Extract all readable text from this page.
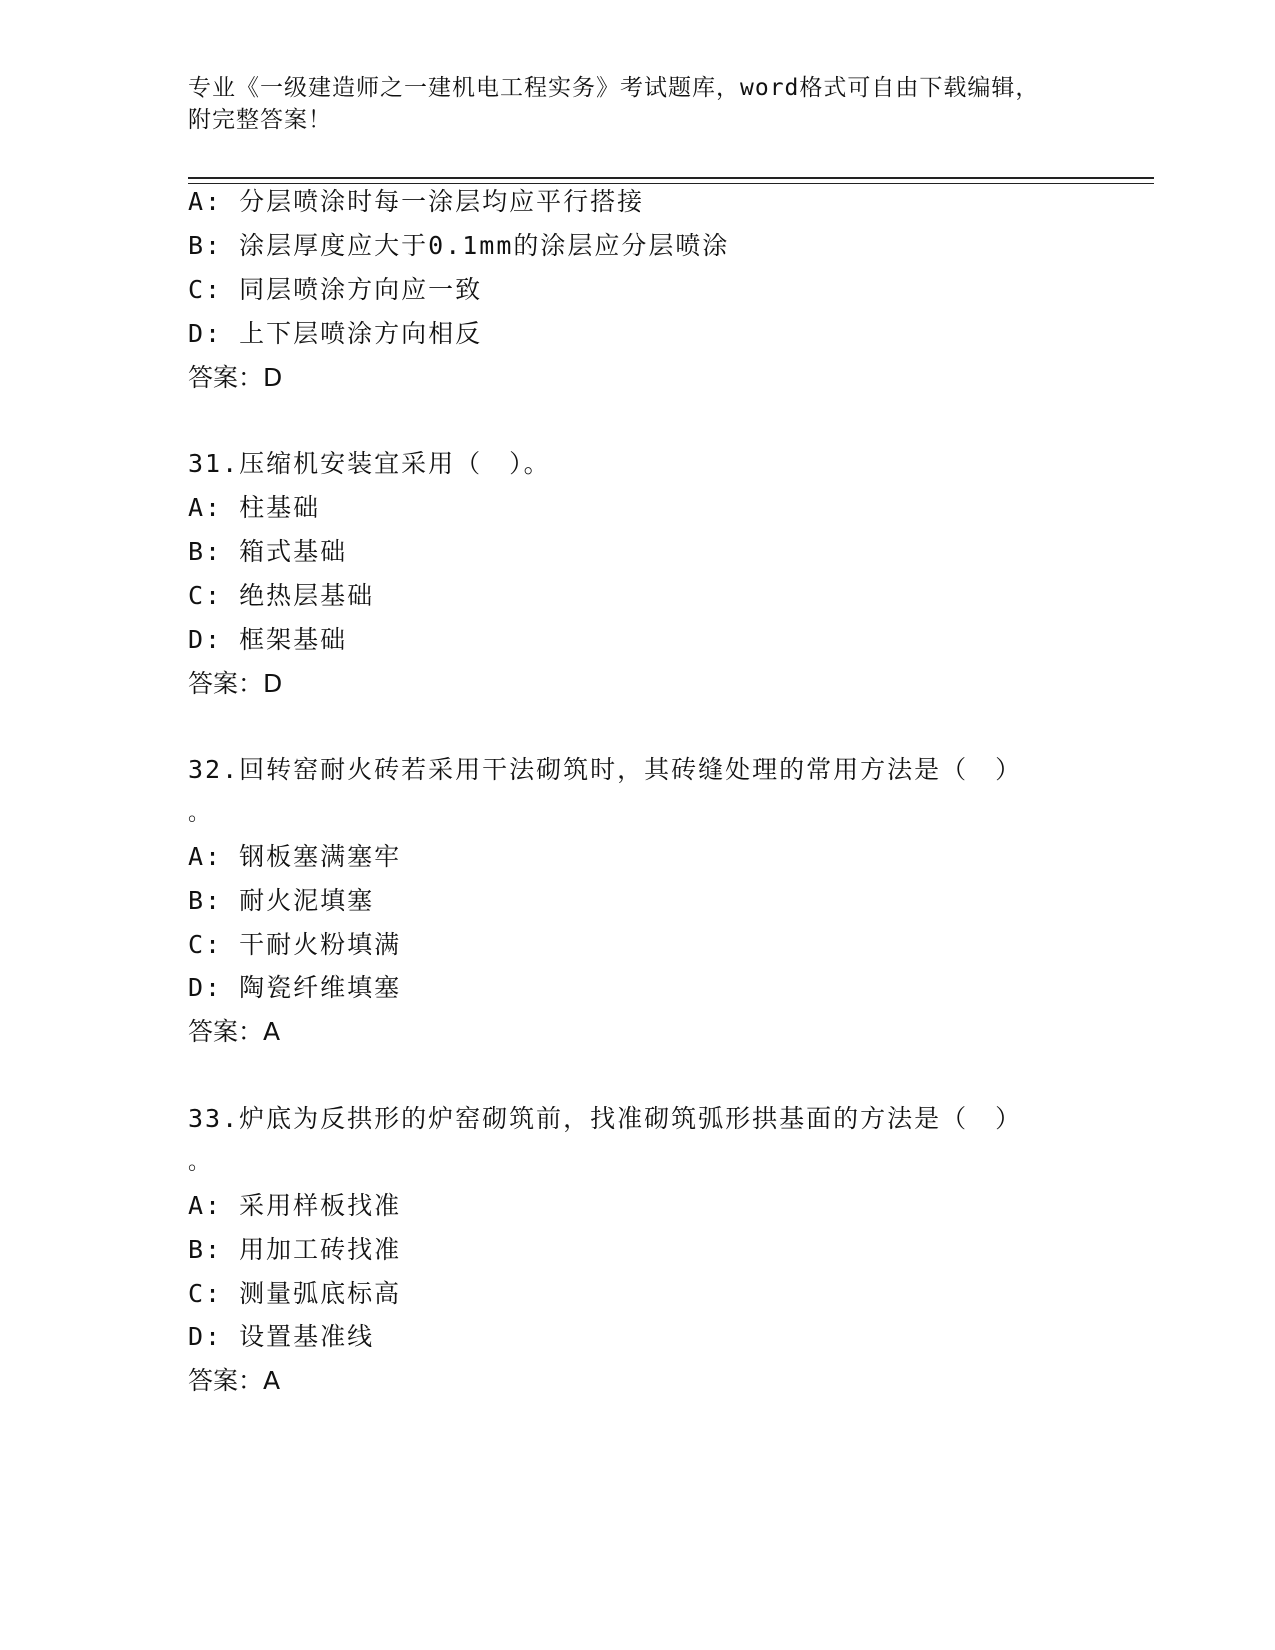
专业《一级建造师之一建机电工程实务》考试题库，word格式可自由下载编辑，
附完整答案！
A: 分层喷涂时每一涂层均应平行搭接
B: 涂层厚度应大于0.1mm的涂层应分层喷涂
C: 同层喷涂方向应一致
D: 上下层喷涂方向相反
答案：D
31.压缩机安装宜采用（　）。
A: 柱基础
B: 箱式基础
C: 绝热层基础
D: 框架基础
答案：D
32.回转窑耐火砖若采用干法砌筑时，其砖缝处理的常用方法是（　）
。
A: 钢板塞满塞牢
B: 耐火泥填塞
C: 干耐火粉填满
D: 陶瓷纤维填塞
答案：A
33.炉底为反拱形的炉窑砌筑前，找准砌筑弧形拱基面的方法是（　）
。
A: 采用样板找准
B: 用加工砖找准
C: 测量弧底标高
D: 设置基准线
答案：A
